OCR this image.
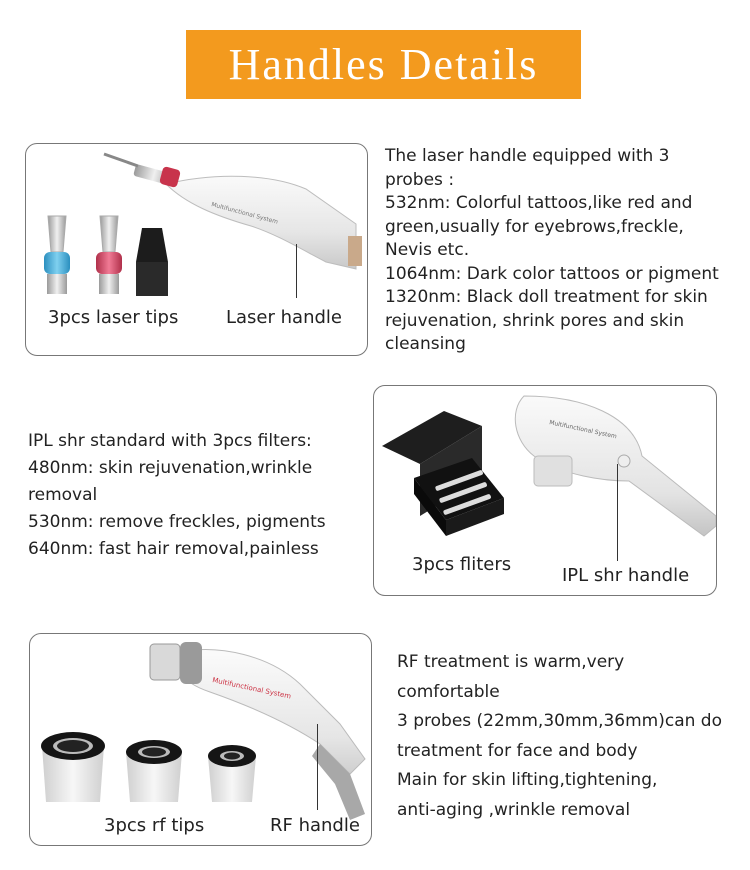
Handles Details
Multifunctional System
3pcs laser tips	Laser handle
The laser handle equipped with 3
probes :
532nm: Colorful tattoos,like red and
green,usually for eyebrows,freckle,
Nevis etc.
1064nm: Dark color tattoos or pigment
1320nm: Black doll treatment for skin
rejuvenation, shrink pores and skin
cleansing
IPL shr standard with 3pcs filters:
480nm: skin rejuvenation,wrinkle
removal
530nm: remove freckles, pigments
640nm: fast hair removal,painless
Multifunctional System
3pcs fliters
IPL shr handle
Multifunctional System
3pcs rf tips	RF handle
RF treatment is warm,very
comfortable
3 probes (22mm,30mm,36mm)can do
treatment for face and body
Main for skin lifting,tightening,
anti-aging ,wrinkle removal
